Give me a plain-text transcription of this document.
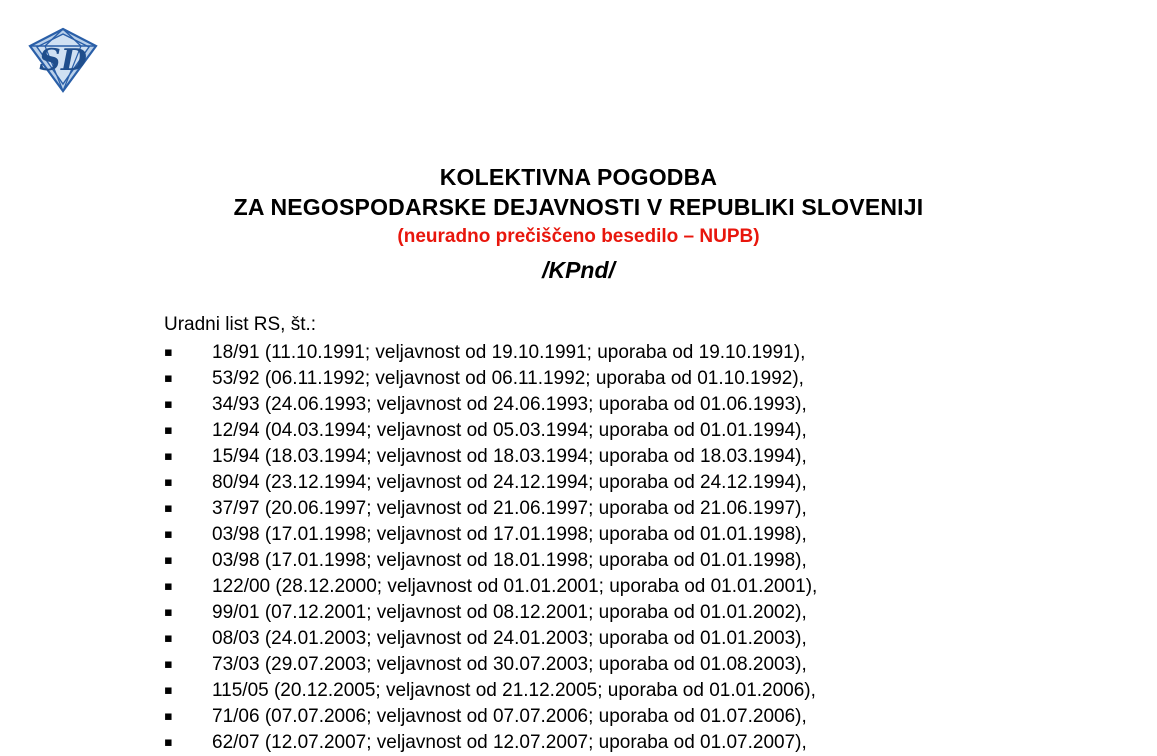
SD
KOLEKTIVNA POGODBA
ZA NEGOSPODARSKE DEJAVNOSTI V REPUBLIKI SLOVENIJI
(neuradno prečiščeno besedilo – NUPB)
/KPnd/
Uradni list RS, št.:
▪ 18/91 (11.10.1991; veljavnost od 19.10.1991; uporaba od 19.10.1991),
▪ 53/92 (06.11.1992; veljavnost od 06.11.1992; uporaba od 01.10.1992),
▪ 34/93 (24.06.1993; veljavnost od 24.06.1993; uporaba od 01.06.1993),
▪ 12/94 (04.03.1994; veljavnost od 05.03.1994; uporaba od 01.01.1994),
▪ 15/94 (18.03.1994; veljavnost od 18.03.1994; uporaba od 18.03.1994),
▪ 80/94 (23.12.1994; veljavnost od 24.12.1994; uporaba od 24.12.1994),
▪ 37/97 (20.06.1997; veljavnost od 21.06.1997; uporaba od 21.06.1997),
▪ 03/98 (17.01.1998; veljavnost od 17.01.1998; uporaba od 01.01.1998),
▪ 03/98 (17.01.1998; veljavnost od 18.01.1998; uporaba od 01.01.1998),
▪ 122/00 (28.12.2000; veljavnost od 01.01.2001; uporaba od 01.01.2001),
▪ 99/01 (07.12.2001; veljavnost od 08.12.2001; uporaba od 01.01.2002),
▪ 08/03 (24.01.2003; veljavnost od 24.01.2003; uporaba od 01.01.2003),
▪ 73/03 (29.07.2003; veljavnost od 30.07.2003; uporaba od 01.08.2003),
▪ 115/05 (20.12.2005; veljavnost od 21.12.2005; uporaba od 01.01.2006),
▪ 71/06 (07.07.2006; veljavnost od 07.07.2006; uporaba od 01.07.2006),
▪ 62/07 (12.07.2007; veljavnost od 12.07.2007; uporaba od 01.07.2007),
